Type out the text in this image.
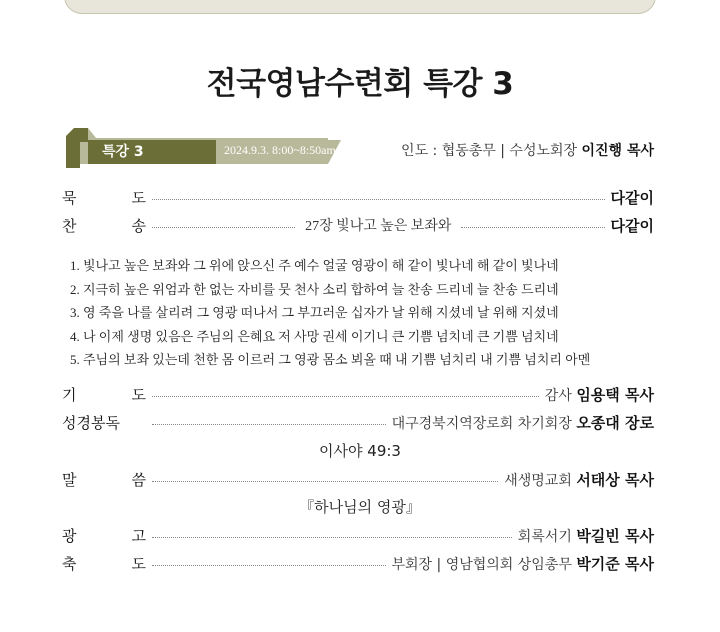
전국영남수련회 특강 3
특강 3	2024.9.3. 8:00~8:50am	인도 : 협동총무 | 수성노회장 이진행 목사
묵	도	다같이
찬	송	27장 빛나고 높은 보좌와	다같이
1. 빛나고 높은 보좌와 그 위에 앉으신 주 예수 얼굴 영광이 해 같이 빛나네 해 같이 빛나네
2. 지극히 높은 위엄과 한 없는 자비를 뭇 천사 소리 합하여 늘 찬송 드리네 늘 찬송 드리네
3. 영 죽을 나를 살리려 그 영광 떠나서 그 부끄러운 십자가 날 위해 지셨네 날 위해 지셨네
4. 나 이제 생명 있음은 주님의 은혜요 저 사망 권세 이기니 큰 기쁨 넘치네 큰 기쁨 넘치네
5. 주님의 보좌 있는데 천한 몸 이르러 그 영광 몸소 뵈올 때 내 기쁨 넘치리 내 기쁨 넘치리 아멘
기	도	감사 임용택 목사
성경봉독	대구경북지역장로회 차기회장 오종대 장로
이사야 49:3
말	씀	새생명교회 서태상 목사
『하나님의 영광』
광	고	회록서기 박길빈 목사
축	도	부회장 | 영남협의회 상임총무 박기준 목사
